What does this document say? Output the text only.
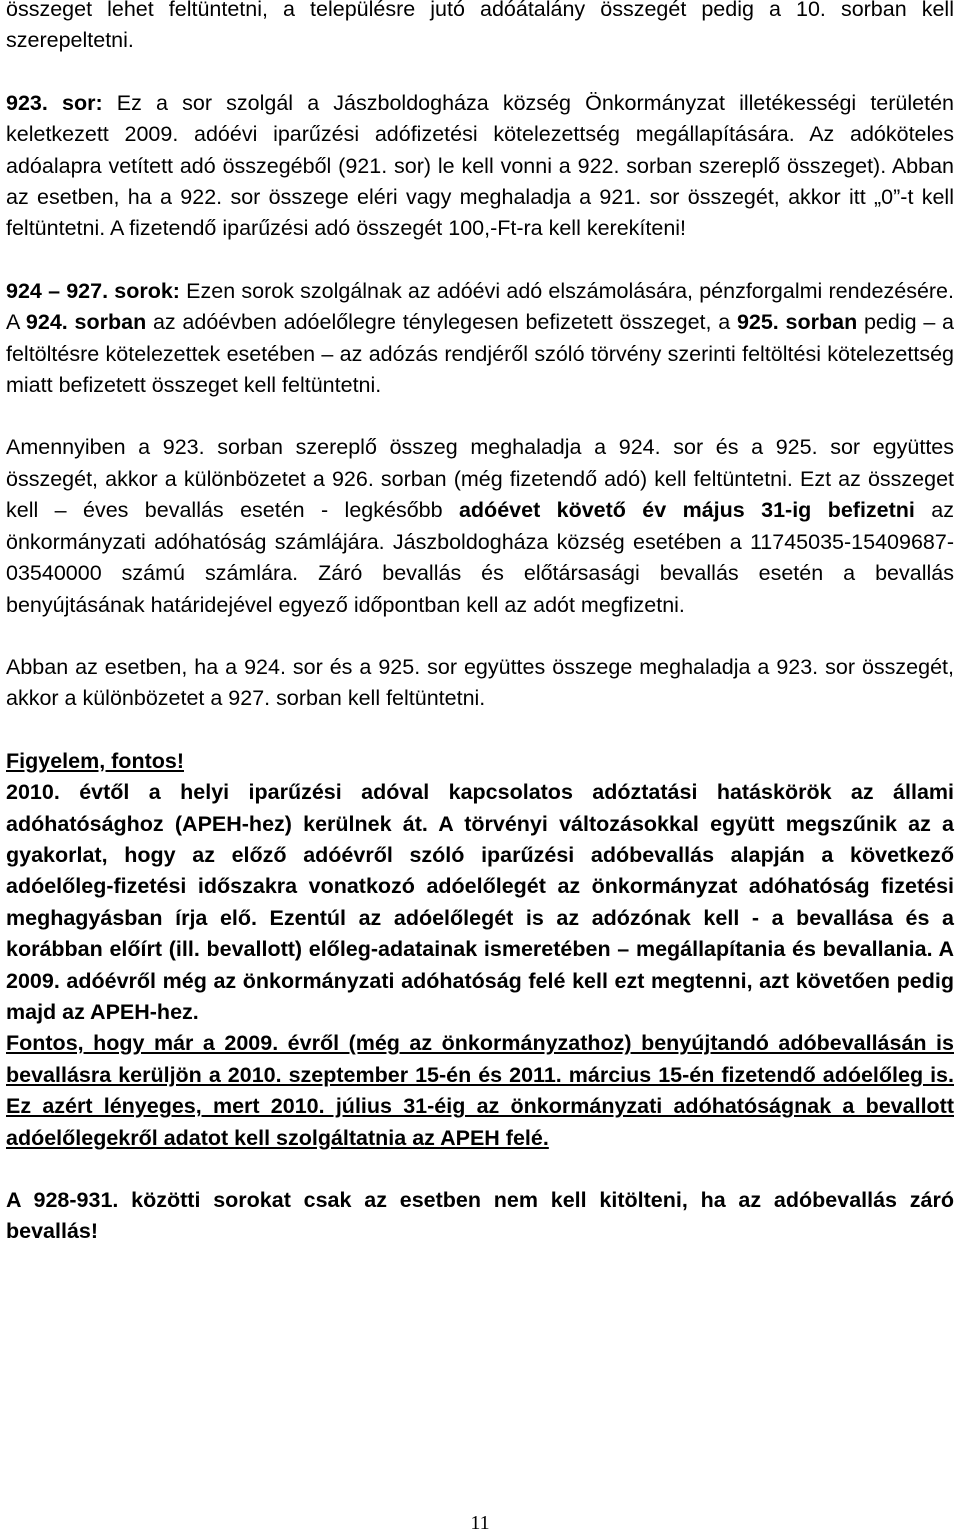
összeget lehet feltüntetni, a településre jutó adóátalány összegét pedig a 10. sorban kell szerepeltetni.

923. sor: Ez a sor szolgál a Jászboldogháza község Önkormányzat illetékességi területén keletkezett 2009. adóévi iparűzési adófizetési kötelezettség megállapítására. Az adóköteles adóalapra vetített adó összegéből (921. sor) le kell vonni a 922. sorban szereplő összeget). Abban az esetben, ha a 922. sor összege eléri vagy meghaladja a 921. sor összegét, akkor itt „0”-t kell feltüntetni. A fizetendő iparűzési adó összegét 100,-Ft-ra kell kerekíteni!

924 – 927. sorok: Ezen sorok szolgálnak az adóévi adó elszámolására, pénzforgalmi rendezésére. A 924. sorban az adóévben adóelőlegre ténylegesen befizetett összeget, a 925. sorban pedig – a feltöltésre kötelezettek esetében – az adózás rendjéről szóló törvény szerinti feltöltési kötelezettség miatt befizetett összeget kell feltüntetni.

Amennyiben a 923. sorban szereplő összeg meghaladja a 924. sor és a 925. sor együttes összegét, akkor a különbözetet a 926. sorban (még fizetendő adó) kell feltüntetni. Ezt az összeget kell – éves bevallás esetén - legkésőbb adóévet követő év május 31-ig befizetni az önkormányzati adóhatóság számlájára. Jászboldogháza község esetében a 11745035-15409687-03540000 számú számlára. Záró bevallás és előtársasági bevallás esetén a bevallás benyújtásának határidejével egyező időpontban kell az adót megfizetni.

Abban az esetben, ha a 924. sor és a 925. sor együttes összege meghaladja a 923. sor összegét, akkor a különbözetet a 927. sorban kell feltüntetni.

Figyelem, fontos!

2010. évtől a helyi iparűzési adóval kapcsolatos adóztatási hatáskörök az állami adóhatósághoz (APEH-hez) kerülnek át. A törvényi változásokkal együtt megszűnik az a gyakorlat, hogy az előző adóévről szóló iparűzési adóbevallás alapján a következő adóelőleg-fizetési időszakra vonatkozó adóelőlegét az önkormányzat adóhatóság fizetési meghagyásban írja elő. Ezentúl az adóelőlegét is az adózónak kell - a bevallása és a korábban előírt (ill. bevallott) előleg-adatainak ismeretében – megállapítania és bevallania. A 2009. adóévről még az önkormányzati adóhatóság felé kell ezt megtenni, azt követően pedig majd az APEH-hez.

Fontos, hogy már a 2009. évről (még az önkormányzathoz) benyújtandó adóbevallásán is bevallásra kerüljön a 2010. szeptember 15-én és 2011. március 15-én fizetendő adóelőleg is. Ez azért lényeges, mert 2010. július 31-éig az önkormányzati adóhatóságnak a bevallott adóelőlegekről adatot kell szolgáltatnia az APEH felé.

A 928-931. közötti sorokat csak az esetben nem kell kitölteni, ha az adóbevallás záró bevallás!

11
